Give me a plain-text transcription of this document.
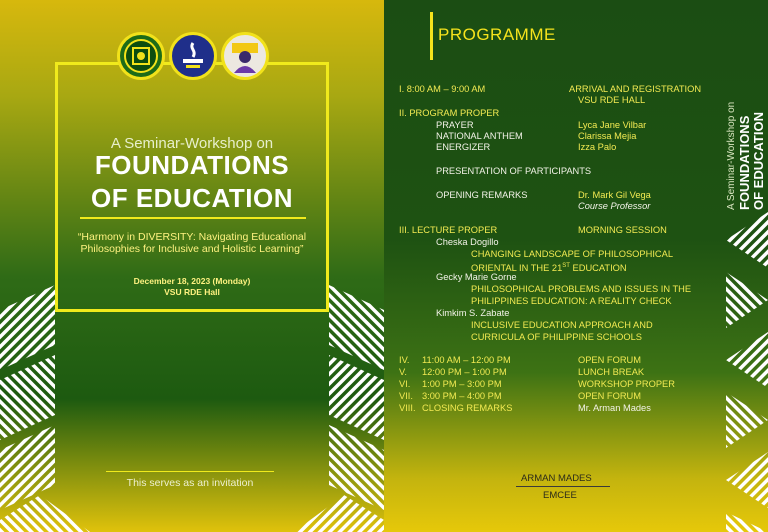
A Seminar-Workshop on
FOUNDATIONS
OF EDUCATION
“Harmony in DIVERSITY: Navigating Educational Philosophies for Inclusive and Holistic Learning”
December 18, 2023 (Monday)
VSU RDE Hall
This serves as an invitation
PROGRAMME
A Seminar-Workshop on FOUNDATIONS OF EDUCATION
I. 8:00 AM – 9:00 AM	ARRIVAL AND REGISTRATION
VSU RDE HALL
II. PROGRAM PROPER
PRAYER	Lyca Jane Vilbar
NATIONAL ANTHEM	Clarissa Mejia
ENERGIZER	Izza Palo
PRESENTATION OF PARTICIPANTS
OPENING REMARKS	Dr. Mark Gil Vega
Course Professor
III. LECTURE PROPER	MORNING SESSION
Cheska Dogillo
CHANGING LANDSCAPE OF PHILOSOPHICAL
ORIENTAL IN THE 21ST EDUCATION
Gecky Marie Gorne
PHILOSOPHICAL PROBLEMS AND ISSUES IN THE
PHILIPPINES EDUCATION: A REALITY CHECK
Kimkim S. Zabate
INCLUSIVE EDUCATION APPROACH AND
CURRICULA OF PHILIPPINE SCHOOLS
IV. 11:00 AM – 12:00 PM	OPEN FORUM
V. 12:00 PM – 1:00 PM	LUNCH BREAK
VI. 1:00 PM – 3:00 PM	WORKSHOP PROPER
VII. 3:00 PM – 4:00 PM	OPEN FORUM
VIII. CLOSING REMARKS	Mr. Arman Mades
ARMAN MADES
EMCEE
